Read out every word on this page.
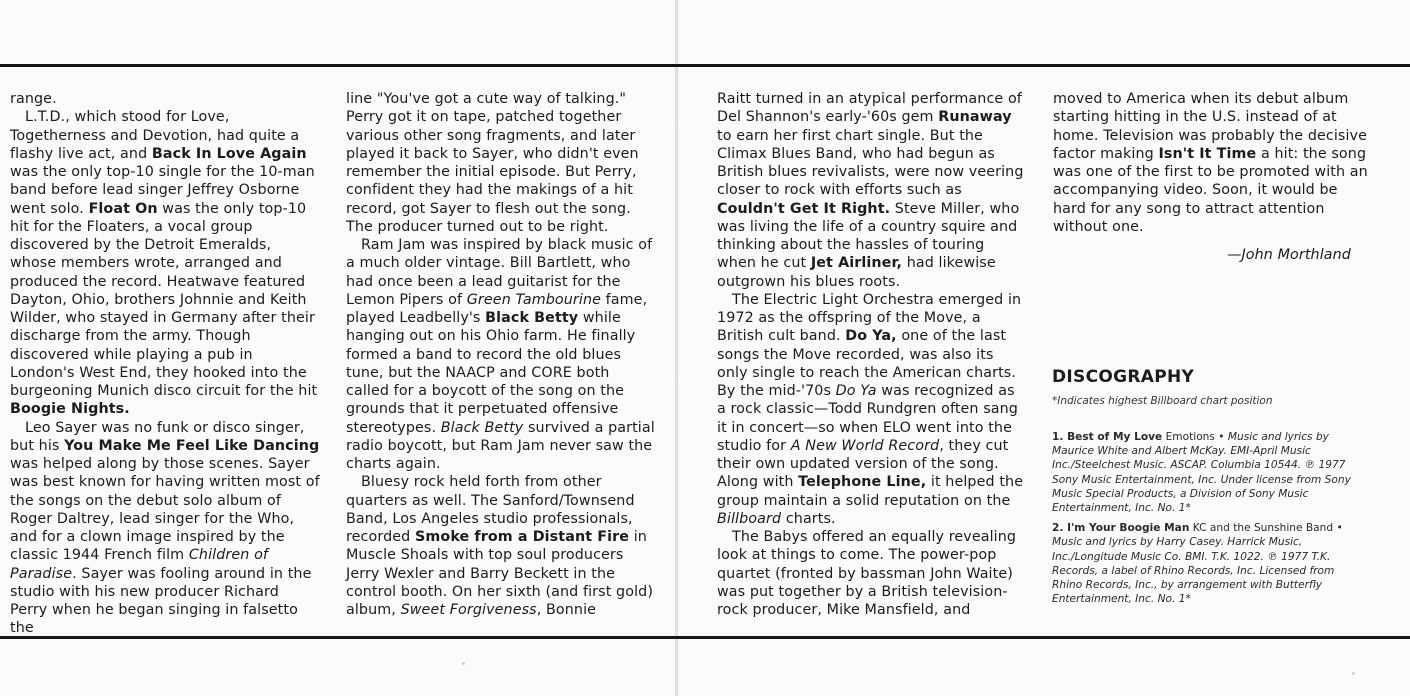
range.

L.T.D., which stood for Love, Togetherness and Devotion, had quite a flashy live act, and Back In Love Again was the only top-10 single for the 10-man band before lead singer Jeffrey Osborne went solo. Float On was the only top-10 hit for the Floaters, a vocal group discovered by the Detroit Emeralds, whose members wrote, arranged and produced the record. Heatwave featured Dayton, Ohio, brothers Johnnie and Keith Wilder, who stayed in Germany after their discharge from the army. Though discovered while playing a pub in London's West End, they hooked into the burgeoning Munich disco circuit for the hit Boogie Nights.

Leo Sayer was no funk or disco singer, but his You Make Me Feel Like Dancing was helped along by those scenes. Sayer was best known for having written most of the songs on the debut solo album of Roger Daltrey, lead singer for the Who, and for a clown image inspired by the classic 1944 French film Children of Paradise. Sayer was fooling around in the studio with his new producer Richard Perry when he began singing in falsetto the

line "You've got a cute way of talking." Perry got it on tape, patched together various other song fragments, and later played it back to Sayer, who didn't even remember the initial episode. But Perry, confident they had the makings of a hit record, got Sayer to flesh out the song. The producer turned out to be right.

Ram Jam was inspired by black music of a much older vintage. Bill Bartlett, who had once been a lead guitarist for the Lemon Pipers of Green Tambourine fame, played Leadbelly's Black Betty while hanging out on his Ohio farm. He finally formed a band to record the old blues tune, but the NAACP and CORE both called for a boycott of the song on the grounds that it perpetuated offensive stereotypes. Black Betty survived a partial radio boycott, but Ram Jam never saw the charts again.

Bluesy rock held forth from other quarters as well. The Sanford/Townsend Band, Los Angeles studio professionals, recorded Smoke from a Distant Fire in Muscle Shoals with top soul producers Jerry Wexler and Barry Beckett in the control booth. On her sixth (and first gold) album, Sweet Forgiveness, Bonnie

Raitt turned in an atypical performance of Del Shannon's early-'60s gem Runaway to earn her first chart single. But the Climax Blues Band, who had begun as British blues revivalists, were now veering closer to rock with efforts such as Couldn't Get It Right. Steve Miller, who was living the life of a country squire and thinking about the hassles of touring when he cut Jet Airliner, had likewise outgrown his blues roots.

The Electric Light Orchestra emerged in 1972 as the offspring of the Move, a British cult band. Do Ya, one of the last songs the Move recorded, was also its only single to reach the American charts. By the mid-'70s Do Ya was recognized as a rock classic—Todd Rundgren often sang it in concert—so when ELO went into the studio for A New World Record, they cut their own updated version of the song. Along with Telephone Line, it helped the group maintain a solid reputation on the Billboard charts.

The Babys offered an equally revealing look at things to come. The power-pop quartet (fronted by bassman John Waite) was put together by a British television-rock producer, Mike Mansfield, and

moved to America when its debut album starting hitting in the U.S. instead of at home. Television was probably the decisive factor making Isn't It Time a hit: the song was one of the first to be promoted with an accompanying video. Soon, it would be hard for any song to attract attention without one.

—John Morthland
DISCOGRAPHY
*Indicates highest Billboard chart position
1. Best of My Love Emotions • Music and lyrics by Maurice White and Albert McKay. EMI-April Music Inc./Steelchest Music. ASCAP. Columbia 10544. ℗ 1977 Sony Music Entertainment, Inc. Under license from Sony Music Special Products, a Division of Sony Music Entertainment, Inc. No. 1*
2. I'm Your Boogie Man KC and the Sunshine Band • Music and lyrics by Harry Casey. Harrick Music, Inc./Longitude Music Co. BMI. T.K. 1022. ℗ 1977 T.K. Records, a label of Rhino Records, Inc. Licensed from Rhino Records, Inc., by arrangement with Butterfly Entertainment, Inc. No. 1*
